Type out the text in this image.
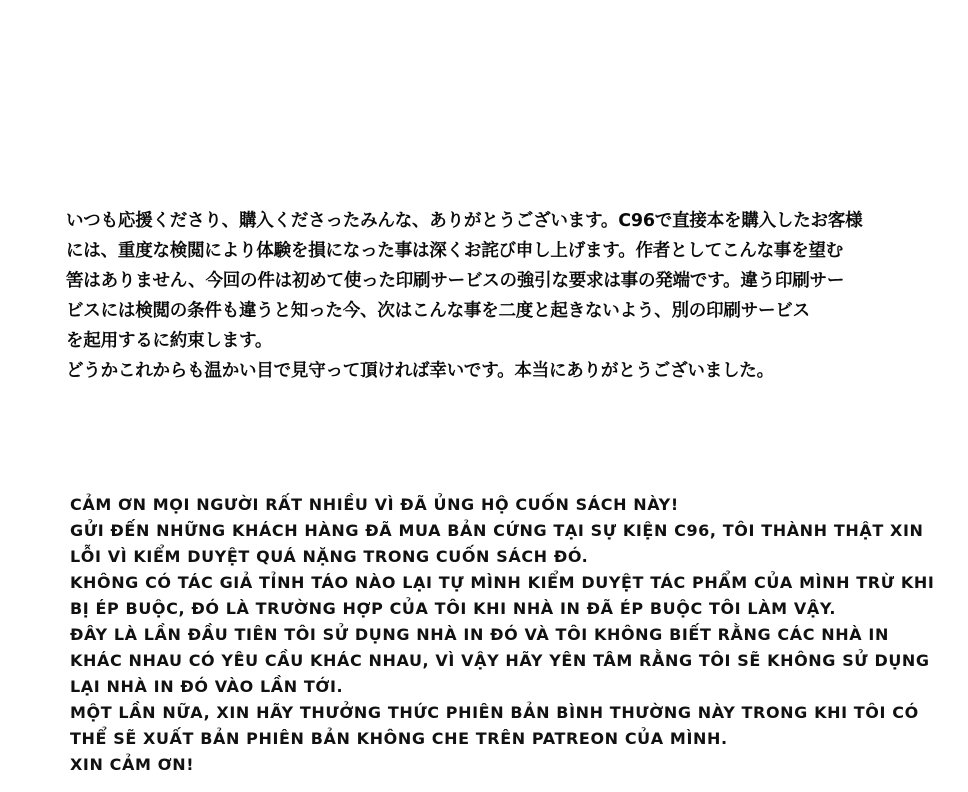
いつも応援くださり、購入くださったみんな、ありがとうございます。C96で直接本を購入したお客様
には、重度な検閲により体験を損になった事は深くお詫び申し上げます。作者としてこんな事を望む
筈はありません、今回の件は初めて使った印刷サービスの強引な要求は事の発端です。違う印刷サー
ビスには検閲の条件も違うと知った今、次はこんな事を二度と起きないよう、別の印刷サービス
を起用するに約束します。
どうかこれからも温かい目で見守って頂ければ幸いです。本当にありがとうございました。
CẢM ƠN MỌI NGƯỜI RẤT NHIỀU VÌ ĐÃ ỦNG HỘ CUỐN SÁCH NÀY!
GỬI ĐẾN NHỮNG KHÁCH HÀNG ĐÃ MUA BẢN CỨNG TẠI SỰ KIỆN C96, TÔI THÀNH THẬT XIN
LỖI VÌ KIỂM DUYỆT QUÁ NẶNG TRONG CUỐN SÁCH ĐÓ.
KHÔNG CÓ TÁC GIẢ TỈNH TÁO NÀO LẠI TỰ MÌNH KIỂM DUYỆT TÁC PHẨM CỦA MÌNH TRỪ KHI
BỊ ÉP BUỘC, ĐÓ LÀ TRƯỜNG HỢP CỦA TÔI KHI NHÀ IN ĐÃ ÉP BUỘC TÔI LÀM VẬY.
ĐÂY LÀ LẦN ĐẦU TIÊN TÔI SỬ DỤNG NHÀ IN ĐÓ VÀ TÔI KHÔNG BIẾT RẰNG CÁC NHÀ IN
KHÁC NHAU CÓ YÊU CẦU KHÁC NHAU, VÌ VẬY HÃY YÊN TÂM RẰNG TÔI SẼ KHÔNG SỬ DỤNG
LẠI NHÀ IN ĐÓ VÀO LẦN TỚI.
MỘT LẦN NỮA, XIN HÃY THƯỞNG THỨC PHIÊN BẢN BÌNH THƯỜNG NÀY TRONG KHI TÔI CÓ
THỂ SẼ XUẤT BẢN PHIÊN BẢN KHÔNG CHE TRÊN PATREON CỦA MÌNH.
XIN CẢM ƠN!
